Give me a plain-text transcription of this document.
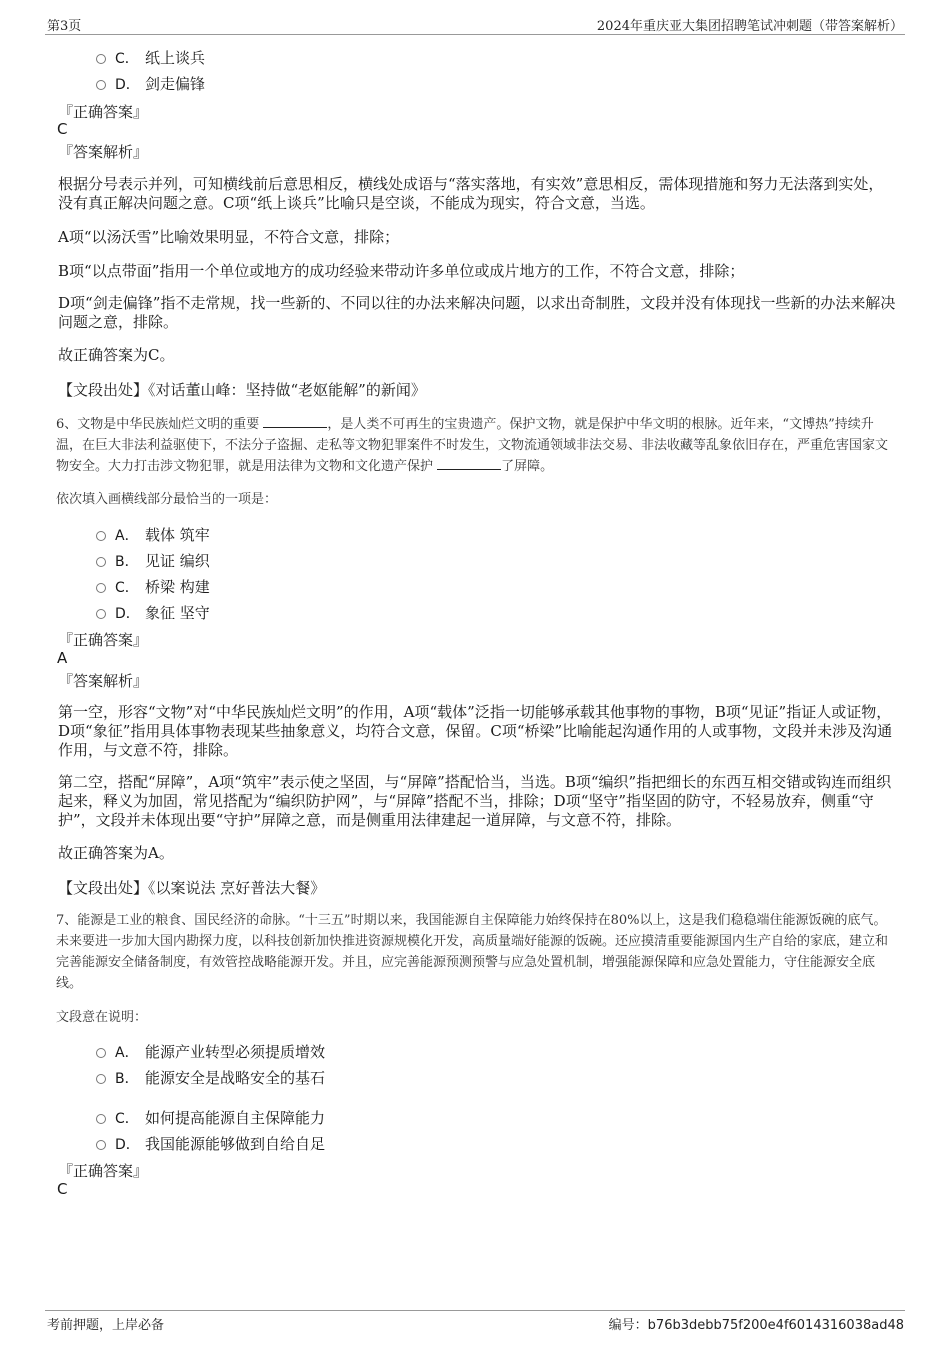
第3页	2024年重庆亚大集团招聘笔试冲刺题（带答案解析）
C． 纸上谈兵
D． 剑走偏锋
『正确答案』
C
『答案解析』

根据分号表示并列，可知横线前后意思相反，横线处成语与“落实落地，有实效”意思相反，需体现措施和努力无法落到实处，没有真正解决问题之意。C项“纸上谈兵”比喻只是空谈，不能成为现实，符合文意，当选。

A项“以汤沃雪”比喻效果明显，不符合文意，排除；

B项“以点带面”指用一个单位或地方的成功经验来带动许多单位或成片地方的工作，不符合文意，排除；

D项“剑走偏锋”指不走常规，找一些新的、不同以往的办法来解决问题，以求出奇制胜，文段并没有体现找一些新的办法来解决问题之意，排除。

故正确答案为C。

【文段出处】《对话董山峰：坚持做“老妪能解”的新闻》

6、文物是中华民族灿烂文明的重要	，是人类不可再生的宝贵遗产。保护文物，就是保护中华文明的根脉。近年来，“文博热”持续升温，在巨大非法利益驱使下，不法分子盗掘、走私等文物犯罪案件不时发生，文物流通领域非法交易、非法收藏等乱象依旧存在，严重危害国家文物安全。大力打击涉文物犯罪，就是用法律为文物和文化遗产保护	了屏障。

依次填入画横线部分最恰当的一项是：
A． 载体 筑牢
B． 见证 编织
C． 桥梁 构建
D． 象征 坚守
『正确答案』
A
『答案解析』

第一空，形容“文物”对“中华民族灿烂文明”的作用，A项“载体”泛指一切能够承载其他事物的事物，B项“见证”指证人或证物，D项“象征”指用具体事物表现某些抽象意义，均符合文意，保留。C项“桥梁”比喻能起沟通作用的人或事物，文段并未涉及沟通作用，与文意不符，排除。

第二空，搭配“屏障”，A项“筑牢”表示使之坚固，与“屏障”搭配恰当，当选。B项“编织”指把细长的东西互相交错或钩连而组织起来，释义为加固，常见搭配为“编织防护网”，与“屏障”搭配不当，排除；D项“坚守”指坚固的防守，不轻易放弃，侧重“守护”，文段并未体现出要“守护”屏障之意，而是侧重用法律建起一道屏障，与文意不符，排除。

故正确答案为A。

【文段出处】《以案说法 烹好普法大餐》

7、能源是工业的粮食、国民经济的命脉。“十三五”时期以来，我国能源自主保障能力始终保持在80%以上，这是我们稳稳端住能源饭碗的底气。未来要进一步加大国内勘探力度，以科技创新加快推进资源规模化开发，高质量端好能源的饭碗。还应摸清重要能源国内生产自给的家底，建立和完善能源安全储备制度，有效管控战略能源开发。并且，应完善能源预测预警与应急处置机制，增强能源保障和应急处置能力，守住能源安全底线。

文段意在说明：
A． 能源产业转型必须提质增效
B． 能源安全是战略安全的基石
C． 如何提高能源自主保障能力
D． 我国能源能够做到自给自足
『正确答案』
C
考前押题，上岸必备	编号：b76b3debb75f200e4f6014316038ad48
